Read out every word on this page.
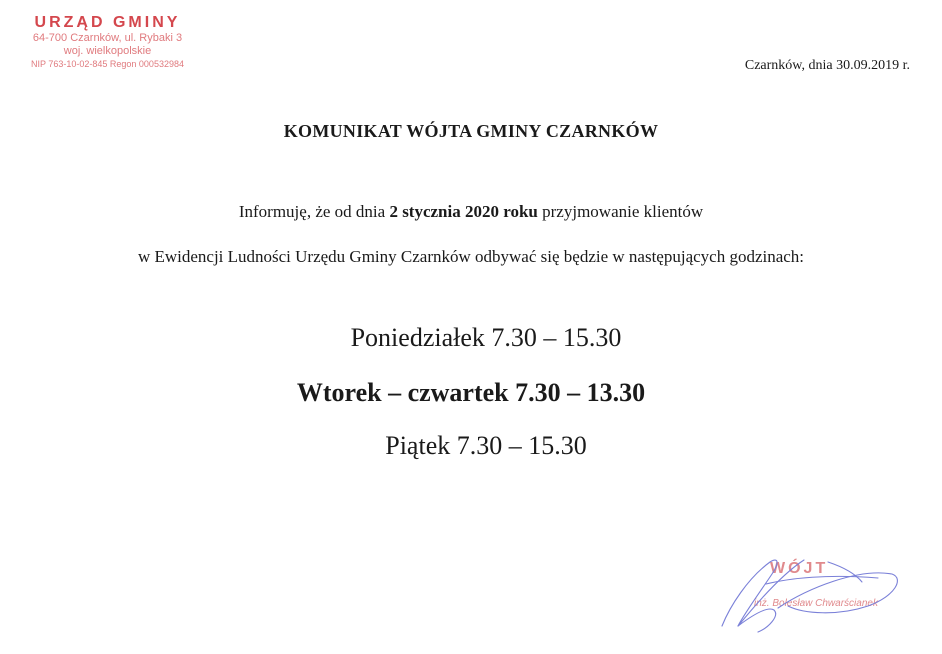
URZĄD GMINY
64-700 Czarnków, ul. Rybaki 3
woj. wielkopolskie
NIP 763-10-02-845 Regon 000532984	Czarnków, dnia 30.09.2019 r.
KOMUNIKAT WÓJTA GMINY CZARNKÓW
Informuję, że od dnia 2 stycznia 2020 roku przyjmowanie klientów
w Ewidencji Ludności Urzędu Gminy Czarnków odbywać się będzie w następujących godzinach:
Poniedziałek 7.30 – 15.30
Wtorek – czwartek 7.30 – 13.30
Piątek 7.30 – 15.30
WÓJT
inż. Bolesław Chwarścianek
